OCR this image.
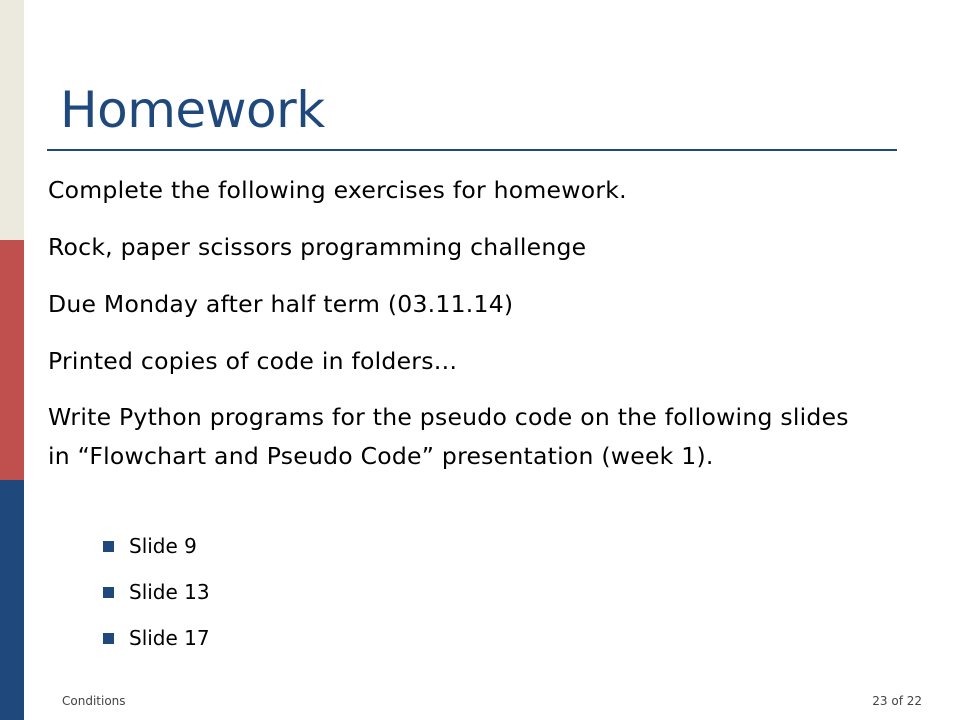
Homework
Complete the following exercises for homework.
Rock, paper scissors programming challenge
Due Monday after half term (03.11.14)
Printed copies of code in folders…
Write Python programs for the pseudo code on the following slides in “Flowchart and Pseudo Code” presentation (week 1).
Slide 9
Slide 13
Slide 17
Conditions	23 of 22
